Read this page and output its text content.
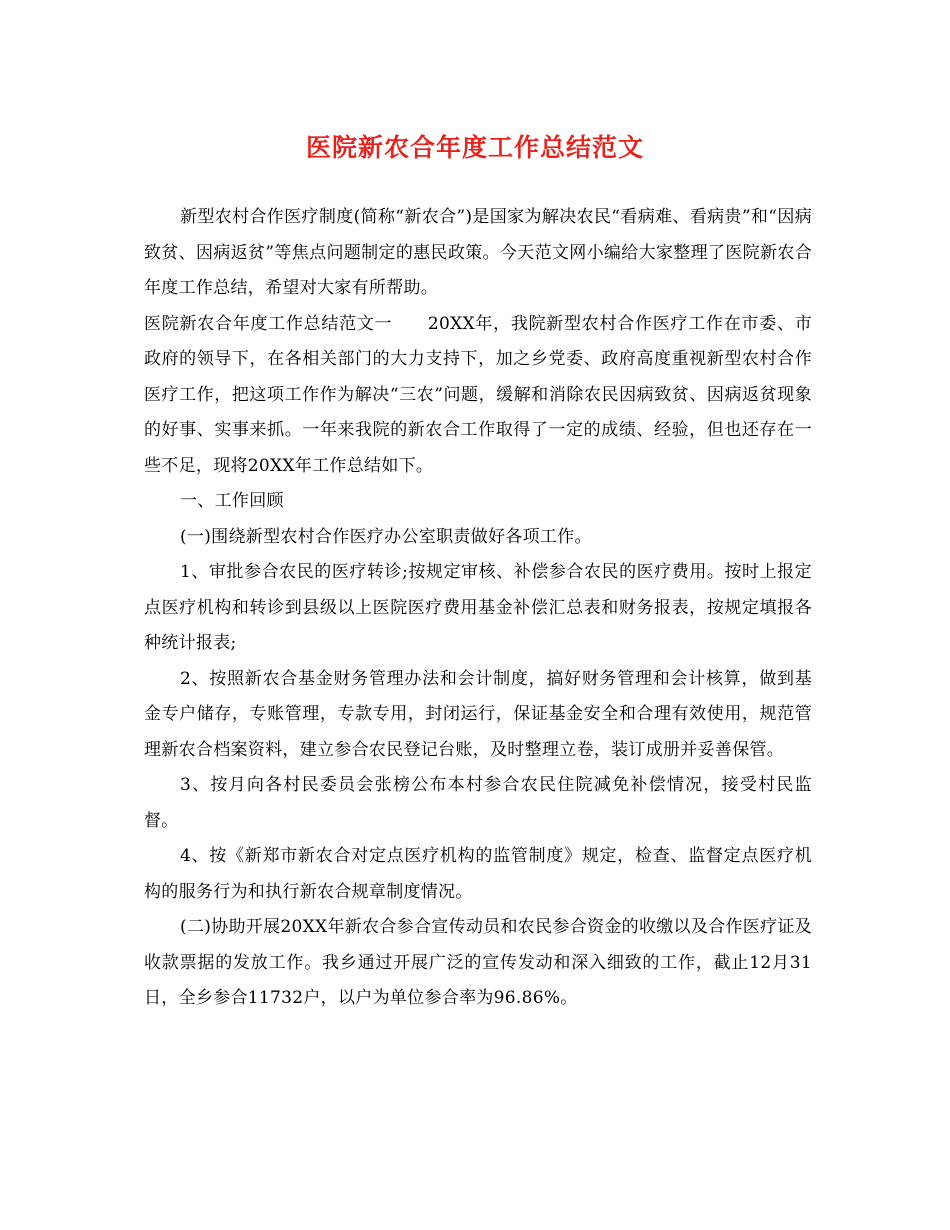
医院新农合年度工作总结范文

新型农村合作医疗制度(简称“新农合”)是国家为解决农民“看病难、看病贵”和“因病致贫、因病返贫”等焦点问题制定的惠民政策。今天范文网小编给大家整理了医院新农合年度工作总结，希望对大家有所帮助。

医院新农合年度工作总结范文一　　20XX年，我院新型农村合作医疗工作在市委、市政府的领导下，在各相关部门的大力支持下，加之乡党委、政府高度重视新型农村合作医疗工作，把这项工作作为解决“三农”问题，缓解和消除农民因病致贫、因病返贫现象的好事、实事来抓。一年来我院的新农合工作取得了一定的成绩、经验，但也还存在一些不足，现将20XX年工作总结如下。

一、工作回顾

(一)围绕新型农村合作医疗办公室职责做好各项工作。

1、审批参合农民的医疗转诊;按规定审核、补偿参合农民的医疗费用。按时上报定点医疗机构和转诊到县级以上医院医疗费用基金补偿汇总表和财务报表，按规定填报各种统计报表;

2、按照新农合基金财务管理办法和会计制度，搞好财务管理和会计核算，做到基金专户储存，专账管理，专款专用，封闭运行，保证基金安全和合理有效使用，规范管理新农合档案资料，建立参合农民登记台账，及时整理立卷，装订成册并妥善保管。

3、按月向各村民委员会张榜公布本村参合农民住院减免补偿情况，接受村民监督。

4、按《新郑市新农合对定点医疗机构的监管制度》规定，检查、监督定点医疗机构的服务行为和执行新农合规章制度情况。

(二)协助开展20XX年新农合参合宣传动员和农民参合资金的收缴以及合作医疗证及收款票据的发放工作。我乡通过开展广泛的宣传发动和深入细致的工作，截止12月31日，全乡参合11732户，以户为单位参合率为96.86%。
